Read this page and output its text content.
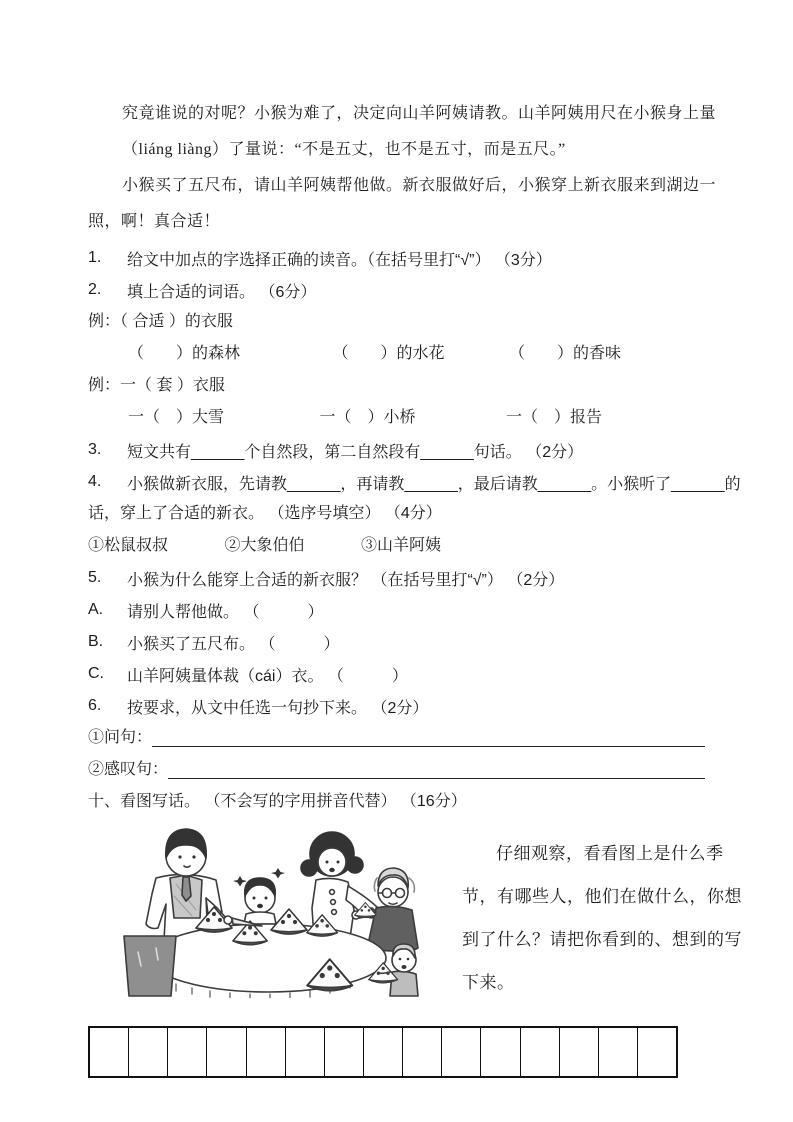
究竟谁说的对呢？小猴为难了，决定向山羊阿姨请教。山羊阿姨用尺在小猴身上量
（liáng liàng）了量说：“不是五丈，也不是五寸，而是五尺。”
小猴买了五尺布，请山羊阿姨帮他做。新衣服做好后，小猴穿上新衣服来到湖边一
照，啊！真合适！
1.	给文中加点的字选择正确的读音。（在括号里打“√”） （3分）
2.	填上合适的词语。 （6分）
例：（ 合适 ）的衣服
（　　）的森林	（　　）的水花	（　　）的香味
例：一（ 套 ）衣服
一（　）大雪	一（　）小桥	一（　）报告
3.	短文共有______个自然段，第二自然段有______句话。 （2分）
4.	小猴做新衣服，先请教______，再请教______，最后请教______。小猴听了______的
话，穿上了合适的新衣。 （选序号填空） （4分）
①松鼠叔叔	②大象伯伯	③山羊阿姨
5.	小猴为什么能穿上合适的新衣服？ （在括号里打“√”） （2分）
A.	请别人帮他做。 （　　　）
B.	小猴买了五尺布。 （　　　）
C.	山羊阿姨量体裁（cái）衣。 （　　　）
6.	按要求，从文中任选一句抄下来。 （2分）
①问句：
②感叹句：
十、看图写话。 （不会写的字用拼音代替） （16分）
仔细观察，看看图上是什么季
节，有哪些人，他们在做什么，你想
到了什么？请把你看到的、想到的写
下来。
